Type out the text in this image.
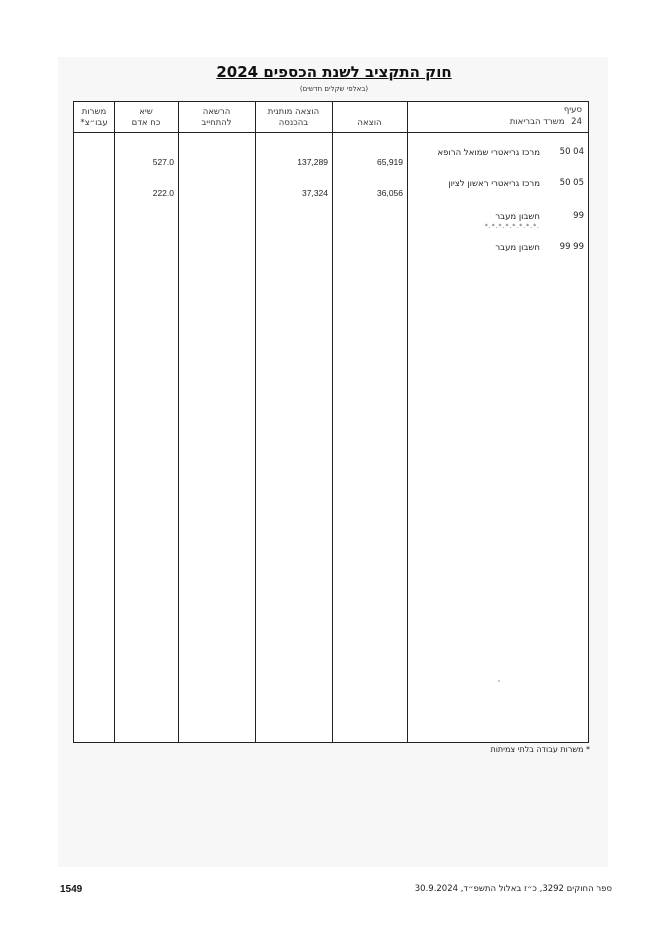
חוק התקציב לשנת הכספים 2024
(באלפי שקלים חדשים)
משרות
עבו״צ*
שיא
כח אדם
הרשאה
להתחייב
הוצאה מותנית
בהכנסה	הוצאה
סעיף
24 משרד הבריאות
50 04
מרכז גריאטרי שמואל הרופא
65,919
137,289
527.0
50 05
מרכז גריאטרי ראשון לציון
36,056
37,324
222.0
99
חשבון מעבר
.*.*.*.*.*.*.*.*
99 99
חשבון מעבר
* משרות עבודה בלתי צמיתות
1549	ספר החוקים 3292, כ״ז באלול התשפ״ד, 30.9.2024
